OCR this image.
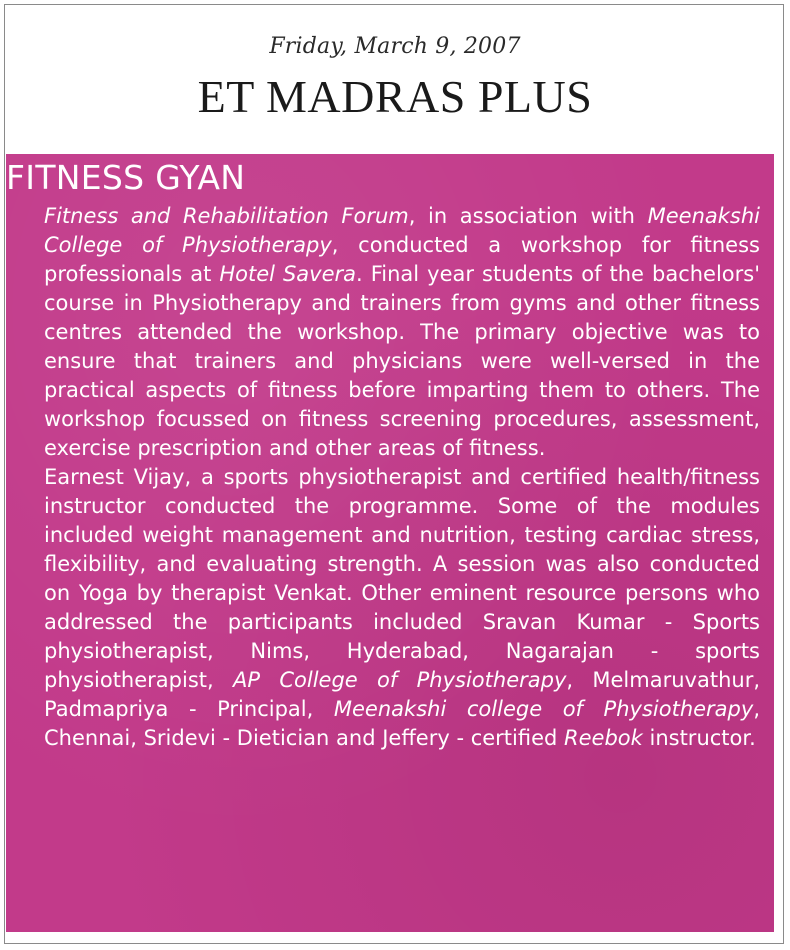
Friday, March 9, 2007
ET MADRAS PLUS
FITNESS GYAN

Fitness and Rehabilitation Forum, in association with Meenakshi College of Physiotherapy, conducted a workshop for fitness professionals at Hotel Savera. Final year students of the bachelors' course in Physiotherapy and trainers from gyms and other fitness centres attended the workshop. The primary objective was to ensure that trainers and physicians were well-versed in the practical aspects of fitness before imparting them to others. The workshop focussed on fitness screening procedures, assessment, exercise prescription and other areas of fitness.

Earnest Vijay, a sports physiotherapist and certified health/fitness instructor conducted the programme. Some of the modules included weight management and nutrition, testing cardiac stress, flexibility, and evaluating strength. A session was also conducted on Yoga by therapist Venkat. Other eminent resource persons who addressed the participants included Sravan Kumar - Sports physiotherapist, Nims, Hyderabad, Nagarajan - sports physiotherapist, AP College of Physiotherapy, Melmaruvathur, Padmapriya - Principal, Meenakshi college of Physiotherapy, Chennai, Sridevi - Dietician and Jeffery - certified Reebok instructor.
